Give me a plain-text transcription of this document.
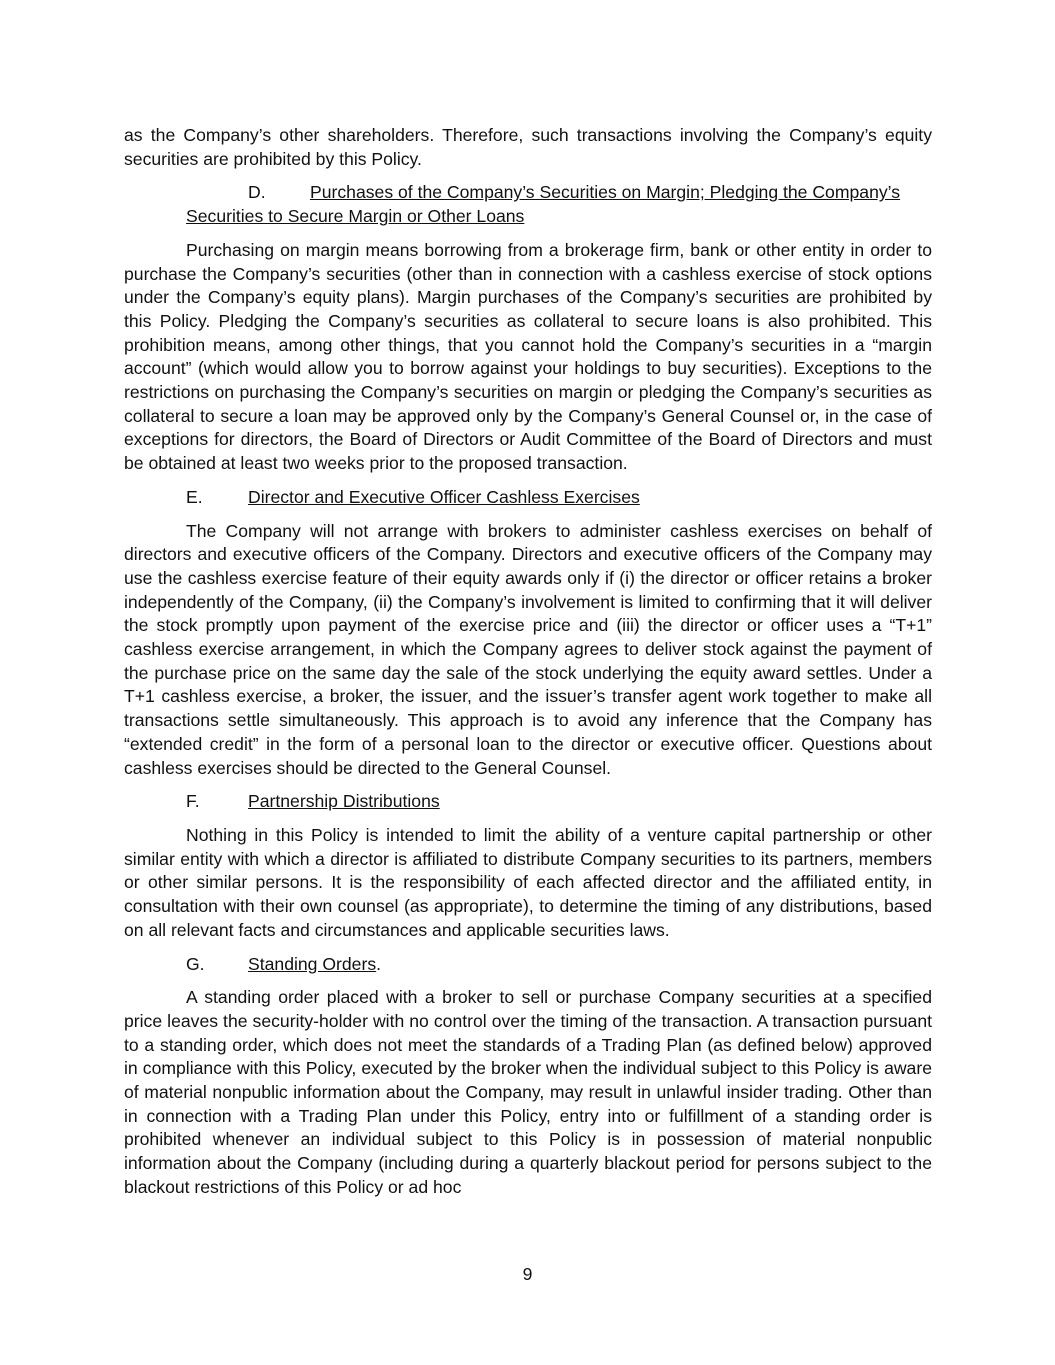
as the Company’s other shareholders. Therefore, such transactions involving the Company’s equity securities are prohibited by this Policy.

D.	Purchases of the Company’s Securities on Margin; Pledging the Company’s Securities to Secure Margin or Other Loans

Purchasing on margin means borrowing from a brokerage firm, bank or other entity in order to purchase the Company’s securities (other than in connection with a cashless exercise of stock options under the Company’s equity plans). Margin purchases of the Company’s securities are prohibited by this Policy. Pledging the Company’s securities as collateral to secure loans is also prohibited. This prohibition means, among other things, that you cannot hold the Company’s securities in a “margin account” (which would allow you to borrow against your holdings to buy securities). Exceptions to the restrictions on purchasing the Company’s securities on margin or pledging the Company’s securities as collateral to secure a loan may be approved only by the Company’s General Counsel or, in the case of exceptions for directors, the Board of Directors or Audit Committee of the Board of Directors and must be obtained at least two weeks prior to the proposed transaction.

E.	Director and Executive Officer Cashless Exercises

The Company will not arrange with brokers to administer cashless exercises on behalf of directors and executive officers of the Company. Directors and executive officers of the Company may use the cashless exercise feature of their equity awards only if (i) the director or officer retains a broker independently of the Company, (ii) the Company’s involvement is limited to confirming that it will deliver the stock promptly upon payment of the exercise price and (iii) the director or officer uses a “T+1” cashless exercise arrangement, in which the Company agrees to deliver stock against the payment of the purchase price on the same day the sale of the stock underlying the equity award settles. Under a T+1 cashless exercise, a broker, the issuer, and the issuer’s transfer agent work together to make all transactions settle simultaneously. This approach is to avoid any inference that the Company has “extended credit” in the form of a personal loan to the director or executive officer. Questions about cashless exercises should be directed to the General Counsel.

F.	Partnership Distributions

Nothing in this Policy is intended to limit the ability of a venture capital partnership or other similar entity with which a director is affiliated to distribute Company securities to its partners, members or other similar persons. It is the responsibility of each affected director and the affiliated entity, in consultation with their own counsel (as appropriate), to determine the timing of any distributions, based on all relevant facts and circumstances and applicable securities laws.

G.	Standing Orders.

A standing order placed with a broker to sell or purchase Company securities at a specified price leaves the security-holder with no control over the timing of the transaction. A transaction pursuant to a standing order, which does not meet the standards of a Trading Plan (as defined below) approved in compliance with this Policy, executed by the broker when the individual subject to this Policy is aware of material nonpublic information about the Company, may result in unlawful insider trading. Other than in connection with a Trading Plan under this Policy, entry into or fulfillment of a standing order is prohibited whenever an individual subject to this Policy is in possession of material nonpublic information about the Company (including during a quarterly blackout period for persons subject to the blackout restrictions of this Policy or ad hoc

9
